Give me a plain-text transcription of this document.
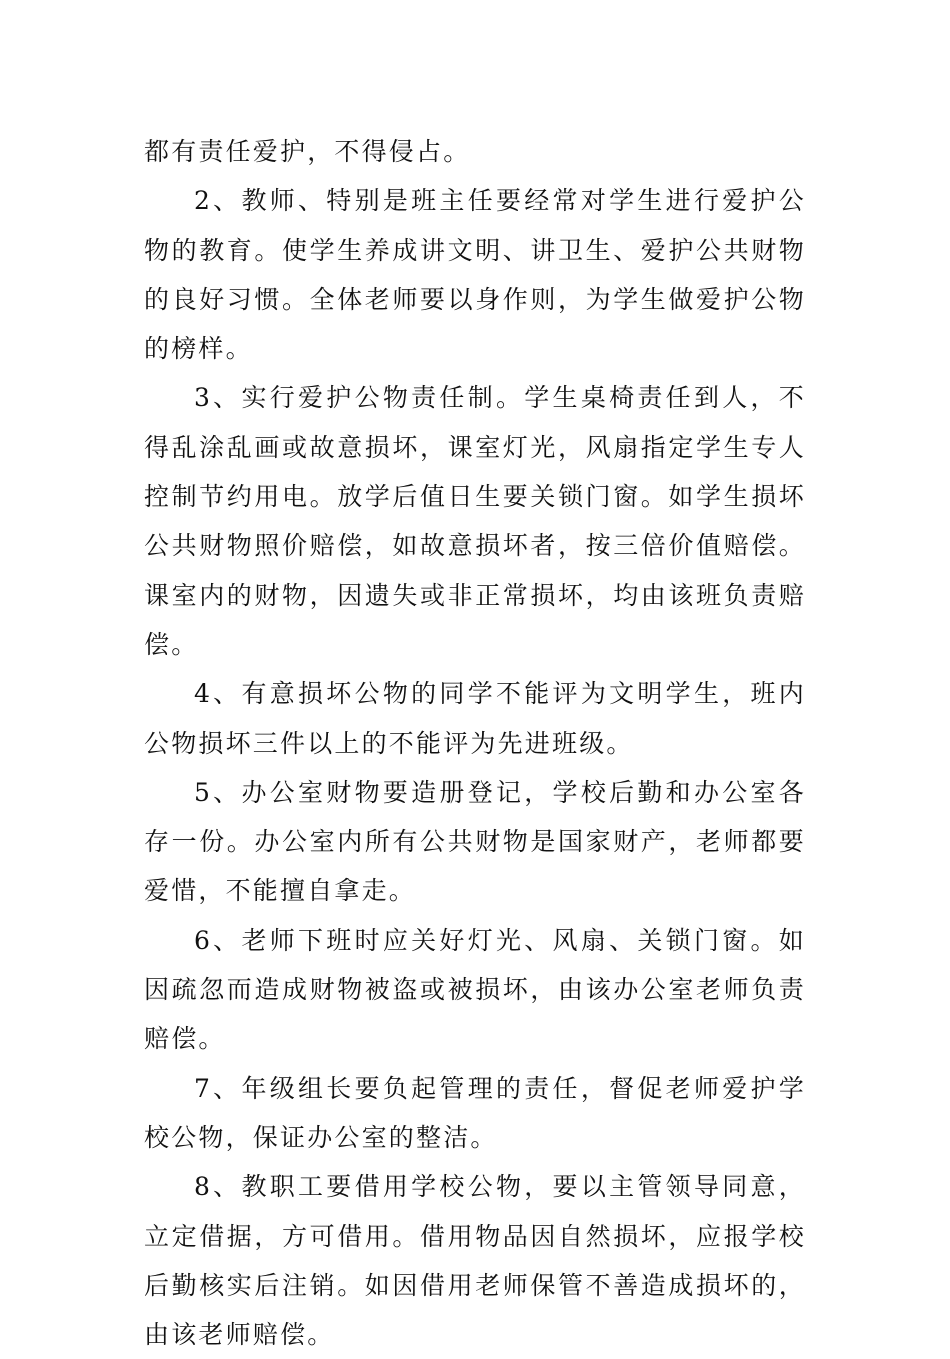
都有责任爱护，不得侵占。

2、教师、特别是班主任要经常对学生进行爱护公物的教育。使学生养成讲文明、讲卫生、爱护公共财物的良好习惯。全体老师要以身作则，为学生做爱护公物的榜样。

3、实行爱护公物责任制。学生桌椅责任到人，不得乱涂乱画或故意损坏，课室灯光，风扇指定学生专人控制节约用电。放学后值日生要关锁门窗。如学生损坏公共财物照价赔偿，如故意损坏者，按三倍价值赔偿。课室内的财物，因遗失或非正常损坏，均由该班负责赔偿。

4、有意损坏公物的同学不能评为文明学生，班内公物损坏三件以上的不能评为先进班级。

5、办公室财物要造册登记，学校后勤和办公室各存一份。办公室内所有公共财物是国家财产，老师都要爱惜，不能擅自拿走。

6、老师下班时应关好灯光、风扇、关锁门窗。如因疏忽而造成财物被盗或被损坏，由该办公室老师负责赔偿。

7、年级组长要负起管理的责任，督促老师爱护学校公物，保证办公室的整洁。

8、教职工要借用学校公物，要以主管领导同意，立定借据，方可借用。借用物品因自然损坏，应报学校后勤核实后注销。如因借用老师保管不善造成损坏的，由该老师赔偿。
